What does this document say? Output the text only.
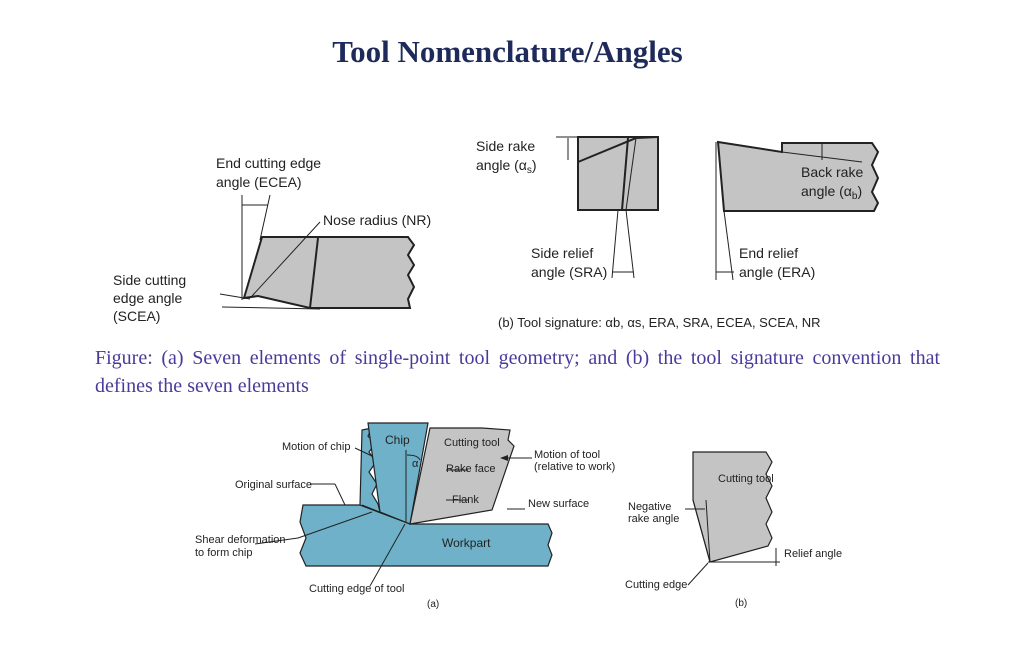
Tool Nomenclature/Angles
Figure: (a) Seven elements of single-point tool geometry; and (b) the tool signature convention that defines the seven elements
End cutting edge
angle (ECEA)
Nose radius (NR)
Side cutting
edge angle
(SCEA)
Side rake
angle $(\alpha_s)$
Side relief
angle (SRA)
Back rake
angle $(\alpha_b)$
End relief
angle (ERA)
(b) Tool signature: αb, αs, ERA, SRA, ECEA, SCEA, NR
Motion of chip	Chip	Cutting tool
α
Motion of tool
(relative to work)
Rake face
Original surface
Flank	New surface
Shear deformation
to form chip
Workpart
Cutting edge of tool
(a)
Cutting tool
Negative
rake angle
Relief angle
Cutting edge
(b)
